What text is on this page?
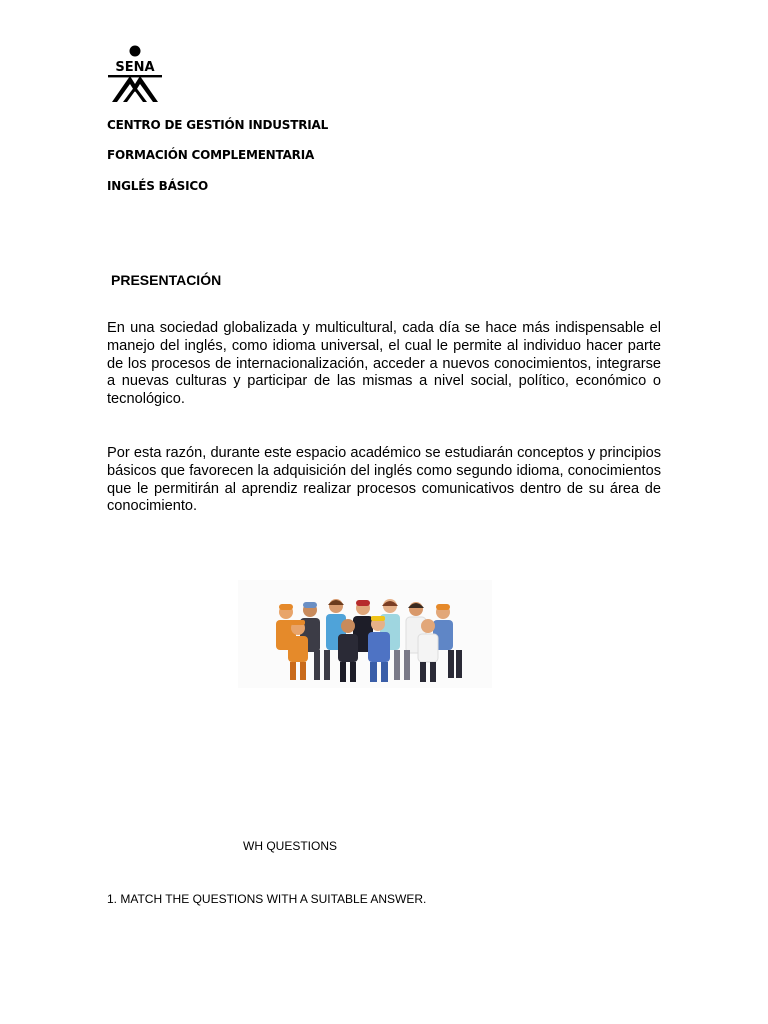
SENA
CENTRO DE GESTIÓN INDUSTRIAL
FORMACIÓN COMPLEMENTARIA
INGLÉS BÁSICO
PRESENTACIÓN

En una sociedad globalizada y multicultural, cada día se hace más indispensable el manejo del inglés, como idioma universal, el cual le permite al individuo hacer parte de los procesos de internacionalización, acceder a nuevos conocimientos, integrarse a nuevas culturas y participar de las mismas a nivel social, político, económico o tecnológico.

Por esta razón, durante este espacio académico se estudiarán conceptos y principios básicos que favorecen la adquisición del inglés como segundo idioma, conocimientos que le permitirán al aprendiz realizar procesos comunicativos dentro de su área de conocimiento.

WH QUESTIONS
1. MATCH THE QUESTIONS WITH A SUITABLE ANSWER.
